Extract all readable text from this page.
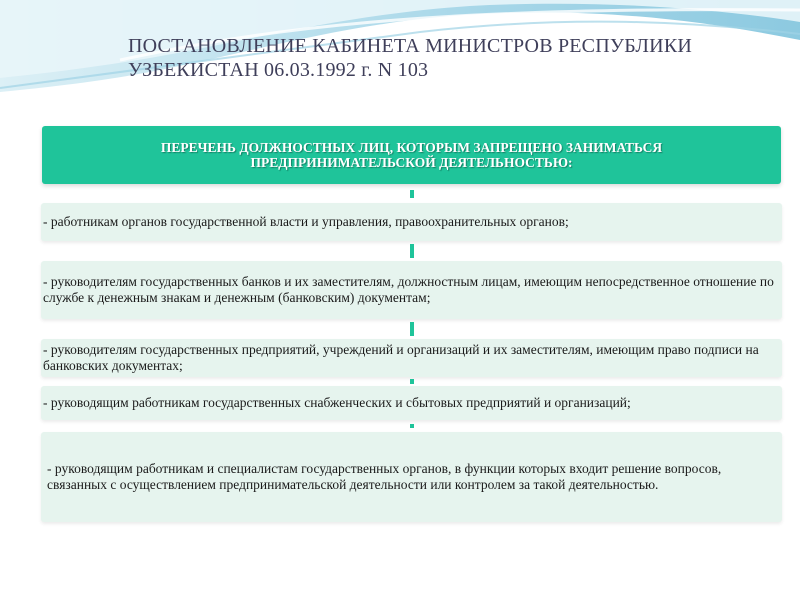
ПОСТАНОВЛЕНИЕ КАБИНЕТА МИНИСТРОВ РЕСПУБЛИКИ УЗБЕКИСТАН 06.03.1992 г. N 103
ПЕРЕЧЕНЬ ДОЛЖНОСТНЫХ ЛИЦ, КОТОРЫМ ЗАПРЕЩЕНО ЗАНИМАТЬСЯ ПРЕДПРИНИМАТЕЛЬСКОЙ ДЕЯТЕЛЬНОСТЬЮ:
- работникам органов государственной власти и управления, правоохранительных органов;
- руководителям государственных банков и их заместителям, должностным лицам, имеющим непосредственное отношение по службе к денежным знакам и денежным (банковским) документам;
- руководителям государственных предприятий, учреждений и организаций и их заместителям, имеющим право подписи на банковских документах;
- руководящим работникам государственных снабженческих и сбытовых предприятий и организаций;
- руководящим работникам и специалистам государственных органов, в функции которых входит решение вопросов, связанных с осуществлением предпринимательской деятельности или контролем за такой деятельностью.
